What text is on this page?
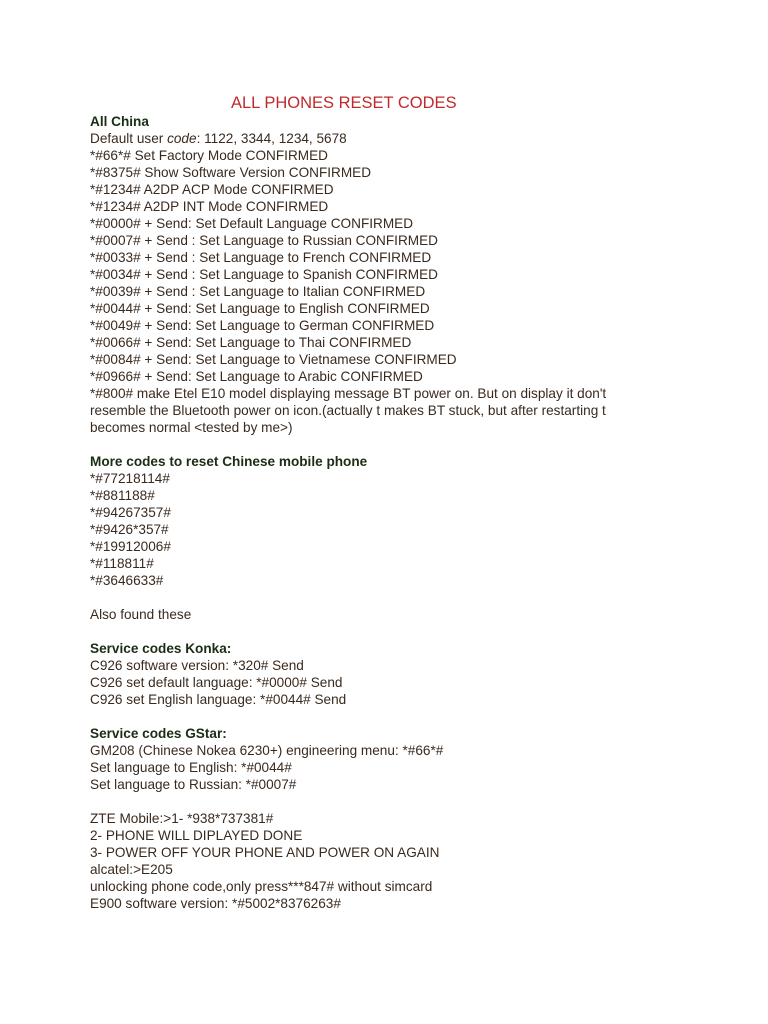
ALL PHONES RESET CODES
All China
Default user code: 1122, 3344, 1234, 5678
*#66*# Set Factory Mode CONFIRMED
*#8375# Show Software Version CONFIRMED
*#1234# A2DP ACP Mode CONFIRMED
*#1234# A2DP INT Mode CONFIRMED
*#0000# + Send: Set Default Language CONFIRMED
*#0007# + Send : Set Language to Russian CONFIRMED
*#0033# + Send : Set Language to French CONFIRMED
*#0034# + Send : Set Language to Spanish CONFIRMED
*#0039# + Send : Set Language to Italian CONFIRMED
*#0044# + Send: Set Language to English CONFIRMED
*#0049# + Send: Set Language to German CONFIRMED
*#0066# + Send: Set Language to Thai CONFIRMED
*#0084# + Send: Set Language to Vietnamese CONFIRMED
*#0966# + Send: Set Language to Arabic CONFIRMED
*#800# make Etel E10 model displaying message BT power on. But on display it don't
resemble the Bluetooth power on icon.(actually t makes BT stuck, but after restarting t
becomes normal <tested by me>)
More codes to reset Chinese mobile phone
*#77218114#
*#881188#
*#94267357#
*#9426*357#
*#19912006#
*#118811#
*#3646633#
Also found these
Service codes Konka:
C926 software version: *320# Send
C926 set default language: *#0000# Send
C926 set English language: *#0044# Send
Service codes GStar:
GM208 (Chinese Nokea 6230+) engineering menu: *#66*#
Set language to English: *#0044#
Set language to Russian: *#0007#
ZTE Mobile:>1- *938*737381#
2- PHONE WILL DIPLAYED DONE
3- POWER OFF YOUR PHONE AND POWER ON AGAIN
alcatel:>E205
unlocking phone code,only press***847# without simcard
E900 software version: *#5002*8376263#
